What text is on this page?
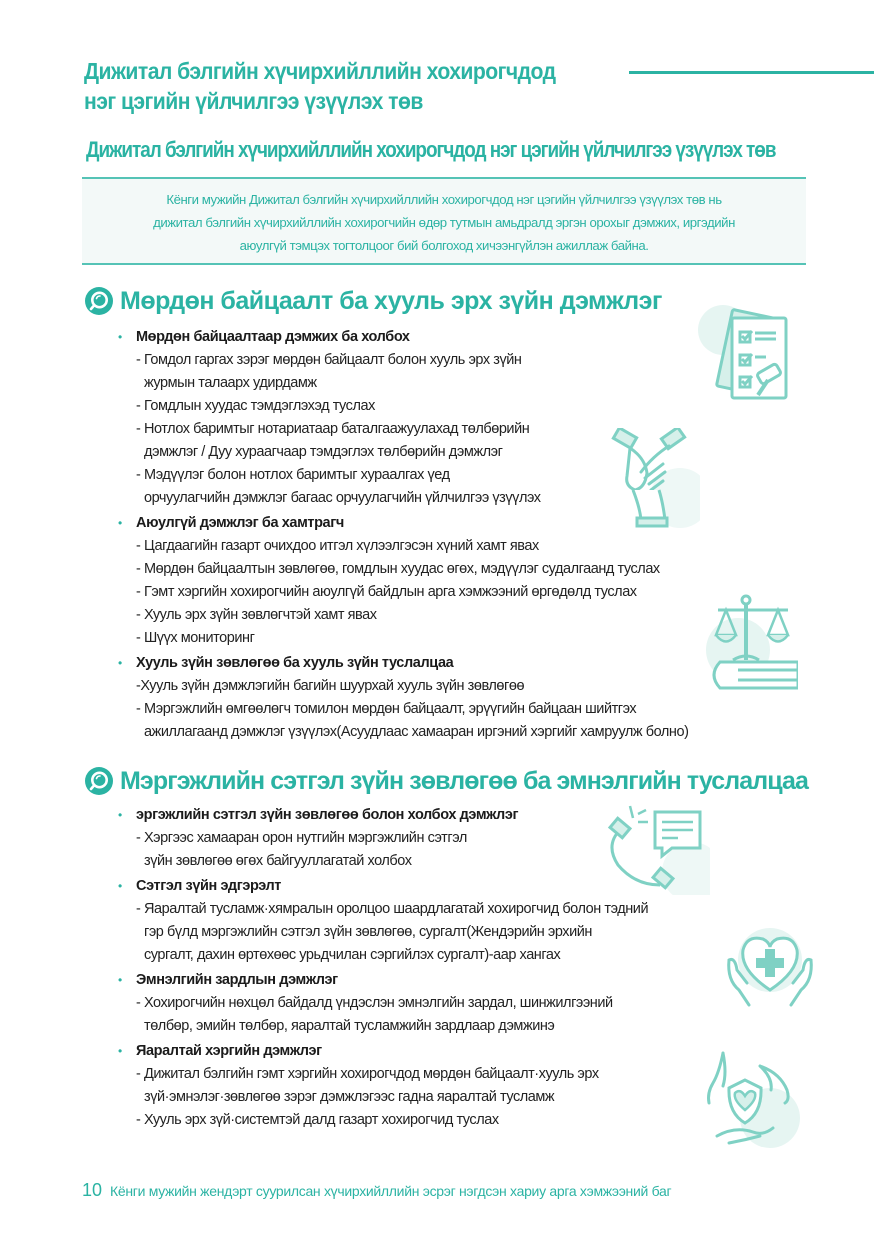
Дижитал бэлгийн хүчирхийллийн хохирогчдод
нэг цэгийн үйлчилгээ үзүүлэх төв
Дижитал бэлгийн хүчирхийллийн хохирогчдод нэг цэгийн үйлчилгээ үзүүлэх төв
Кёнги мужийн Дижитал бэлгийн хүчирхийллийн хохирогчдод нэг цэгийн үйлчилгээ үзүүлэх төв нь
дижитал бэлгийн хүчирхийллийн хохирогчийн өдөр тутмын амьдралд эргэн орохыг дэмжих, иргэдийн
аюулгүй тэмцэх тогтолцоог бий болгоход хичээнгүйлэн ажиллаж байна.
Мөрдөн байцаалт ба хууль эрх зүйн дэмжлэг
• Мөрдөн байцаалтаар дэмжих ба холбох
- Гомдол гаргах зэрэг мөрдөн байцаалт болон хууль эрх зүйн
журмын талаарх удирдамж
- Гомдлын хуудас тэмдэглэхэд туслах
- Нотлох баримтыг нотариатаар баталгаажуулахад төлбөрийн
дэмжлэг / Дуу хураагчаар тэмдэглэх төлбөрийн дэмжлэг
- Мэдүүлэг болон нотлох баримтыг хураалгах үед
орчуулагчийн дэмжлэг багаас орчуулагчийн үйлчилгээ үзүүлэх
• Аюулгүй дэмжлэг ба хамтрагч
- Цагдаагийн газарт очихдоо итгэл хүлээлгэсэн хүний хамт явах
- Мөрдөн байцаалтын зөвлөгөө, гомдлын хуудас өгөх, мэдүүлэг судалгаанд туслах
- Гэмт хэргийн хохирогчийн аюулгүй байдлын арга хэмжээний өргөдөлд туслах
- Хууль эрх зүйн зөвлөгчтэй хамт явах
- Шүүх мониторинг
• Хууль зүйн зөвлөгөө ба хууль зүйн туслалцаа
-Хууль зүйн дэмжлэгийн багийн шуурхай хууль зүйн зөвлөгөө
- Мэргэжлийн өмгөөлөгч томилон мөрдөн байцаалт, эрүүгийн байцаан шийтгэх
ажиллагаанд дэмжлэг үзүүлэх(Асуудлаас хамааран иргэний хэргийг хамруулж болно)
Мэргэжлийн сэтгэл зүйн зөвлөгөө ба эмнэлгийн туслалцаа
• эргэжлийн сэтгэл зүйн зөвлөгөө болон холбох дэмжлэг
- Хэргээс хамааран орон нутгийн мэргэжлийн сэтгэл
зүйн зөвлөгөө өгөх байгууллагатай холбох
• Сэтгэл зүйн эдгэрэлт
- Яаралтай тусламж·хямралын оролцоо шаардлагатай хохирогчид болон тэдний
гэр бүлд мэргэжлийн сэтгэл зүйн зөвлөгөө, сургалт(Жендэрийн эрхийн
сургалт, дахин өртөхөөс урьдчилан сэргийлэх сургалт)-аар хангах
• Эмнэлгийн зардлын дэмжлэг
- Хохирогчийн нөхцөл байдалд үндэслэн эмнэлгийн зардал, шинжилгээний
төлбөр, эмийн төлбөр, яаралтай тусламжийн зардлаар дэмжинэ
• Яаралтай хэргийн дэмжлэг
- Дижитал бэлгийн гэмт хэргийн хохирогчдод мөрдөн байцаалт·хууль эрх
зүй·эмнэлэг·зөвлөгөө зэрэг дэмжлэгээс гадна яаралтай тусламж
- Хууль эрх зүй·системтэй далд газарт хохирогчид туслах
10 Кёнги мужийн жендэрт суурилсан хүчирхийллийн эсрэг нэгдсэн хариу арга хэмжээний баг
